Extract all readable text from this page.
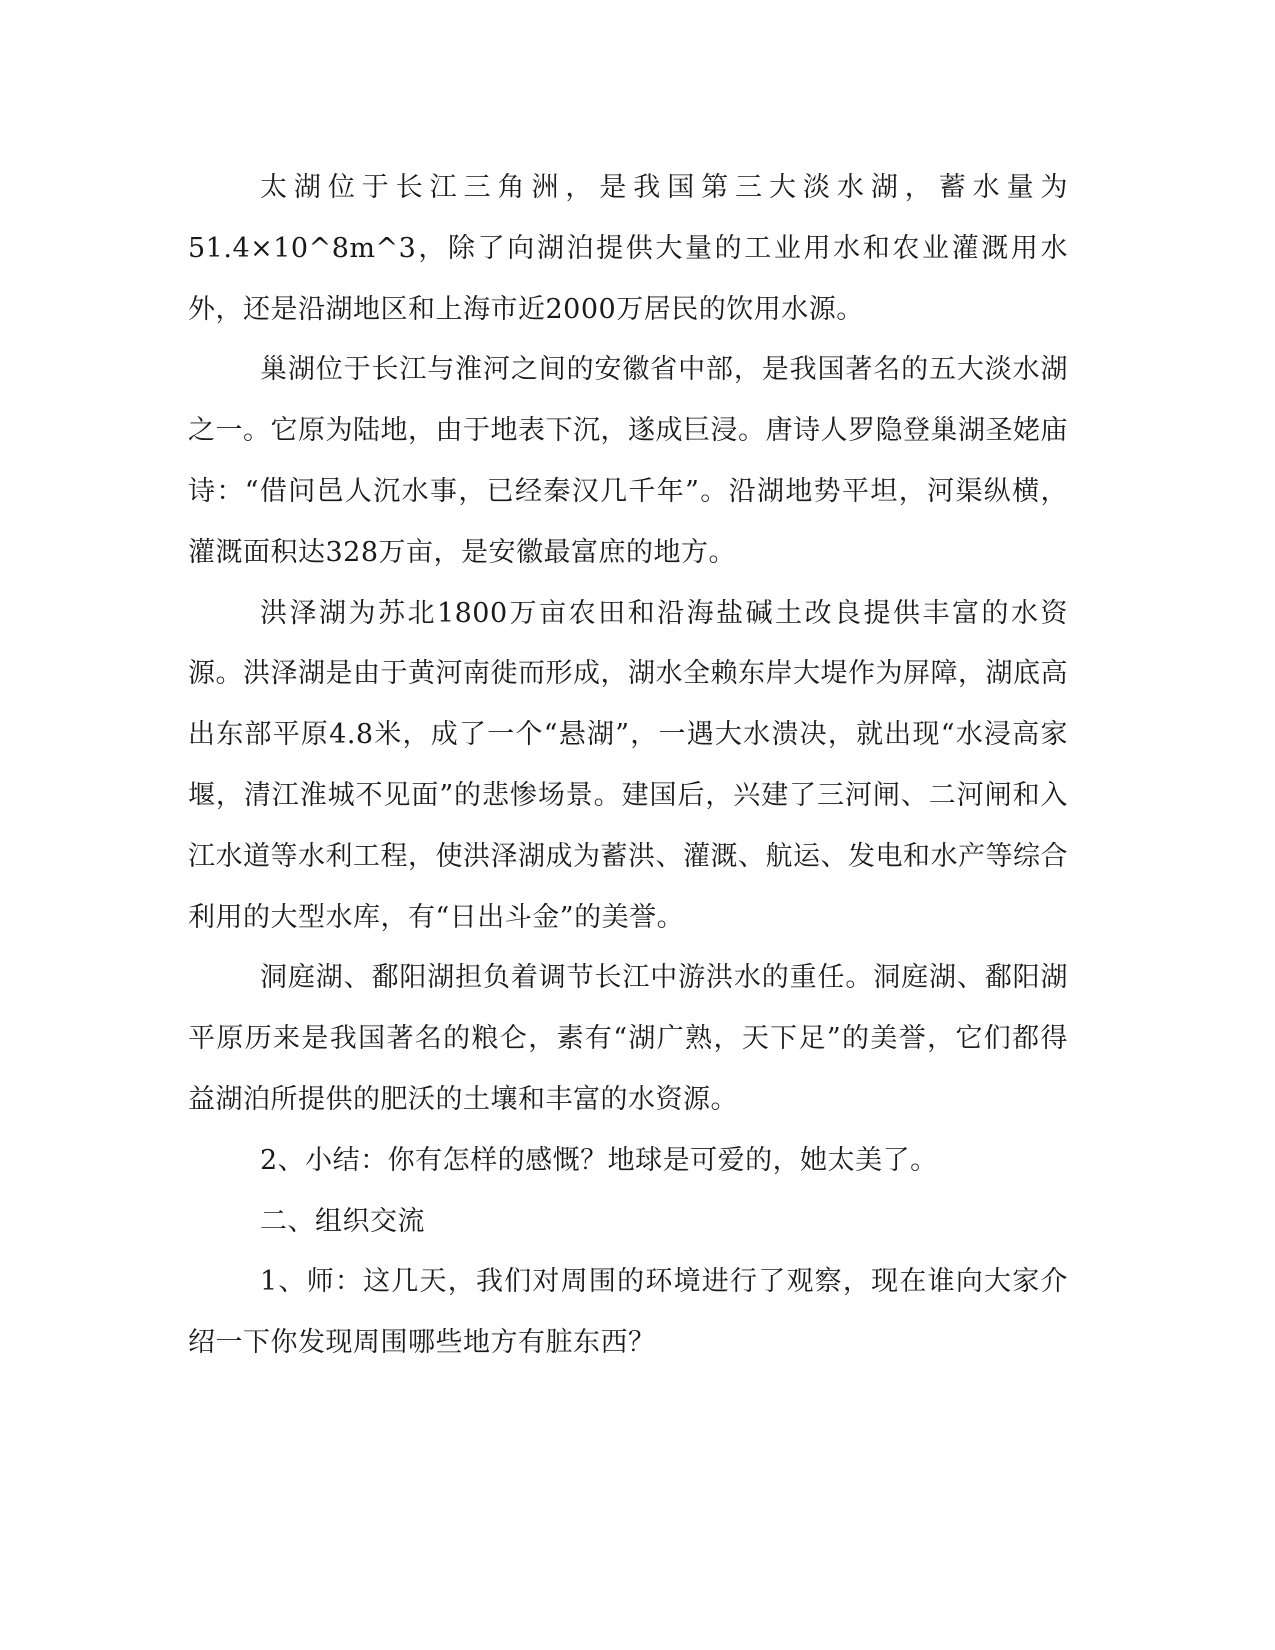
太湖位于长江三角洲，是我国第三大淡水湖，蓄水量为51.4×10^8m^3，除了向湖泊提供大量的工业用水和农业灌溉用水外，还是沿湖地区和上海市近2000万居民的饮用水源。

巢湖位于长江与淮河之间的安徽省中部，是我国著名的五大淡水湖之一。它原为陆地，由于地表下沉，遂成巨浸。唐诗人罗隐登巢湖圣姥庙诗：“借问邑人沉水事，已经秦汉几千年”。沿湖地势平坦，河渠纵横，灌溉面积达328万亩，是安徽最富庶的地方。

洪泽湖为苏北1800万亩农田和沿海盐碱土改良提供丰富的水资源。洪泽湖是由于黄河南徙而形成，湖水全赖东岸大堤作为屏障，湖底高出东部平原4.8米，成了一个“悬湖”，一遇大水溃决，就出现“水浸高家堰，清江淮城不见面”的悲惨场景。建国后，兴建了三河闸、二河闸和入江水道等水利工程，使洪泽湖成为蓄洪、灌溉、航运、发电和水产等综合利用的大型水库，有“日出斗金”的美誉。

洞庭湖、鄱阳湖担负着调节长江中游洪水的重任。洞庭湖、鄱阳湖平原历来是我国著名的粮仑，素有“湖广熟，天下足”的美誉，它们都得益湖泊所提供的肥沃的土壤和丰富的水资源。

2、小结：你有怎样的感慨？地球是可爱的，她太美了。

二、组织交流

1、师：这几天，我们对周围的环境进行了观察，现在谁向大家介绍一下你发现周围哪些地方有脏东西？
